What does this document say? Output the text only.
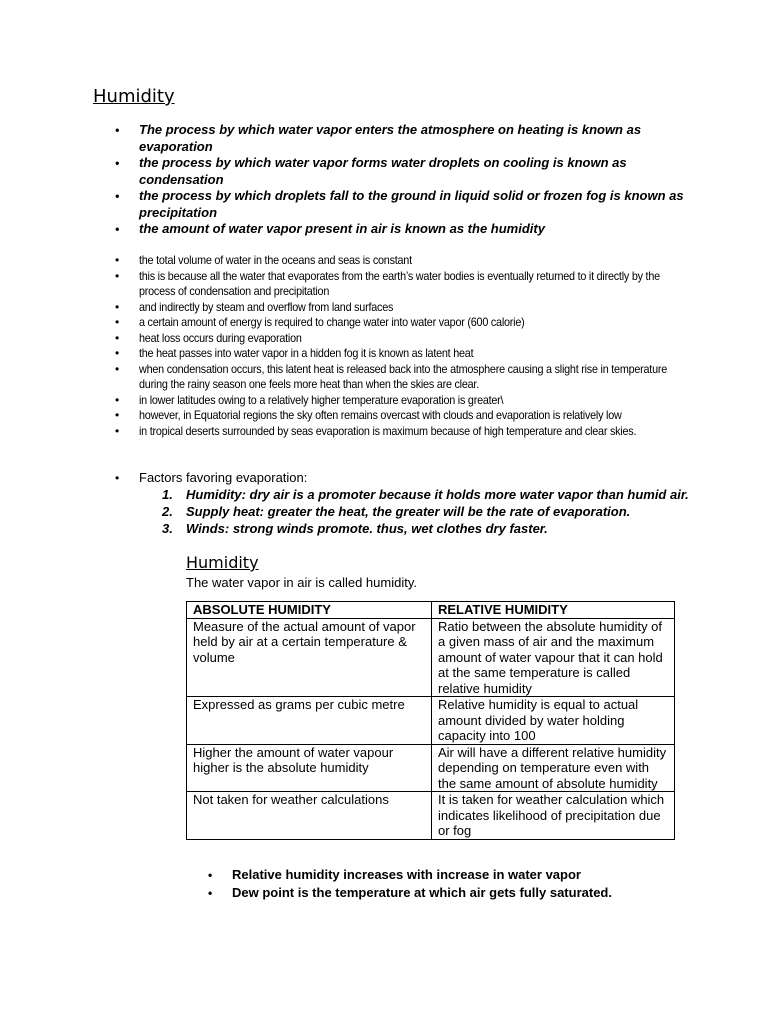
Humidity
• The process by which water vapor enters the atmosphere on heating is known as evaporation
• the process by which water vapor forms water droplets on cooling is known as condensation
• the process by which droplets fall to the ground in liquid solid or frozen fog is known as precipitation
• the amount of water vapor present in air is known as the humidity
• the total volume of water in the oceans and seas is constant
• this is because all the water that evaporates from the earth’s water bodies is eventually returned to it directly by the process of condensation and precipitation
• and indirectly by steam and overflow from land surfaces
• a certain amount of energy is required to change water into water vapor (600 calorie)
• heat loss occurs during evaporation
• the heat passes into water vapor in a hidden fog it is known as latent heat
• when condensation occurs, this latent heat is released back into the atmosphere causing a slight rise in temperature during the rainy season one feels more heat than when the skies are clear.
• in lower latitudes owing to a relatively higher temperature evaporation is greater\
• however, in Equatorial regions the sky often remains overcast with clouds and evaporation is relatively low
• in tropical deserts surrounded by seas evaporation is maximum because of high temperature and clear skies.
• Factors favoring evaporation:
1. Humidity: dry air is a promoter because it holds more water vapor than humid air.
2. Supply heat: greater the heat, the greater will be the rate of evaporation.
3. Winds: strong winds promote. thus, wet clothes dry faster.
Humidity

The water vapor in air is called humidity.

ABSOLUTE HUMIDITY	RELATIVE HUMIDITY
Measure of the actual amount of vapor held by air at a certain temperature & volume	Ratio between the absolute humidity of a given mass of air and the maximum amount of water vapour that it can hold at the same temperature is called relative humidity
Expressed as grams per cubic metre	Relative humidity is equal to actual amount divided by water holding capacity into 100
Higher the amount of water vapour higher is the absolute humidity	Air will have a different relative humidity depending on temperature even with the same amount of absolute humidity
Not taken for weather calculations	It is taken for weather calculation which indicates likelihood of precipitation due or fog
• Relative humidity increases with increase in water vapor
• Dew point is the temperature at which air gets fully saturated.
